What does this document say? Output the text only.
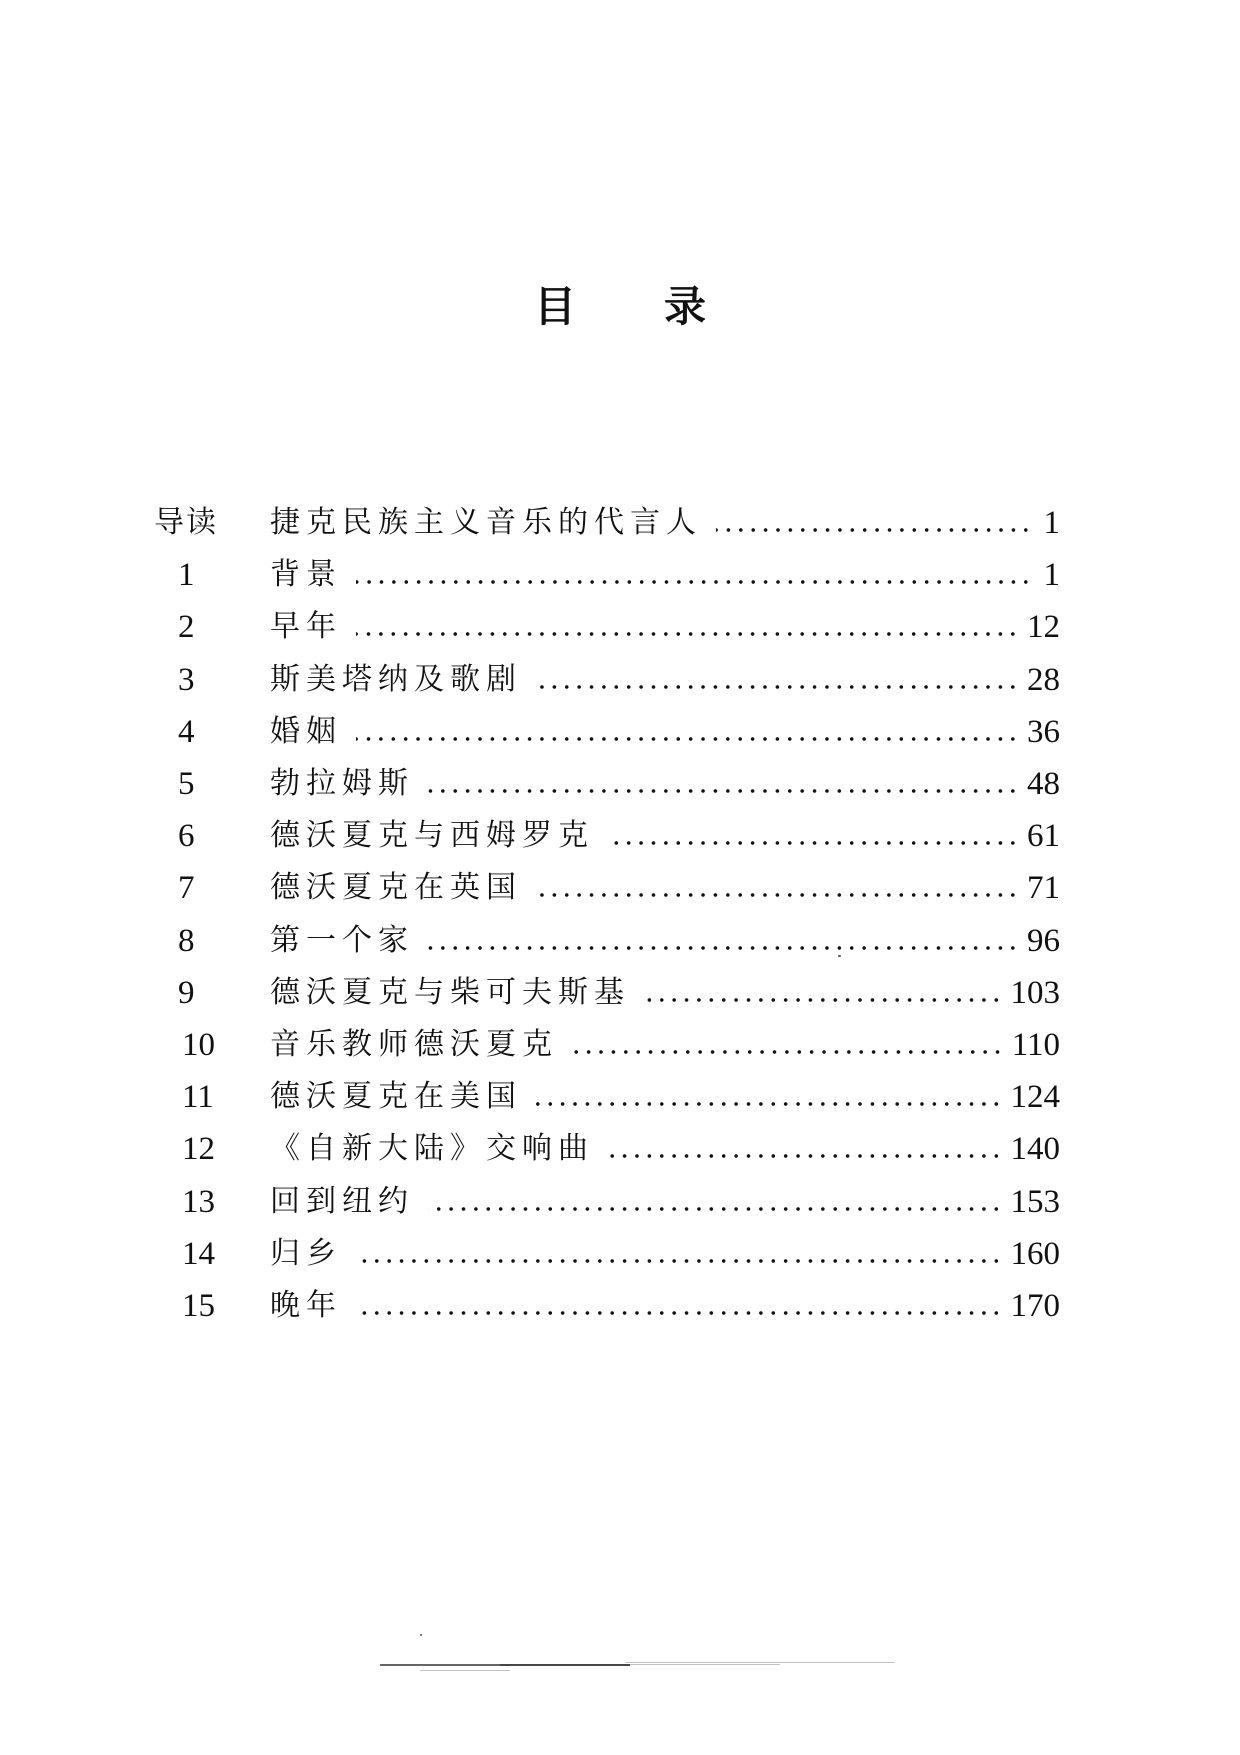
目 录
导读	捷克民族主义音乐的代言人	1
1	背景	1
2	早年	12
3	斯美塔纳及歌剧	28
4	婚姻	36
5	勃拉姆斯	48
6	德沃夏克与西姆罗克	61
7	德沃夏克在英国	71
8	第一个家	96
9	德沃夏克与柴可夫斯基	103
10	音乐教师德沃夏克	110
11	德沃夏克在美国	124
12	《自新大陆》交响曲	140
13	回到纽约	153
14	归乡	160
15	晚年	170
